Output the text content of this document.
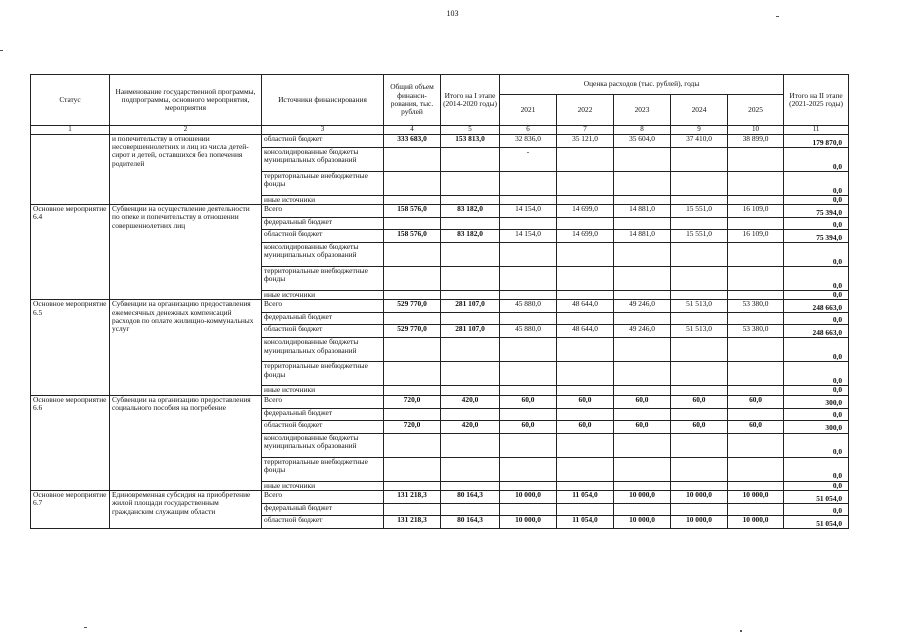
103
Статус	Наименование государственной программы, подпрограммы, основного мероприятия, мероприятия	Источники финансирования	Общий объем финанси-рования, тыс. рублей	Итого на I этапе (2014-2020 годы)	Оценка расходов (тыс. рублей), годы					Итого на II этапе (2021-2025 годы)
					2021	2022	2023	2024	2025	
1	2	3	4	5	6	7	8	9	10	11
	и попечительству в отношении несовершеннолетних и лиц из числа детей-сирот и детей, оставшихся без попечения родителей	областной бюджет	333 683,0	153 813,0	32 836,0	35 121,0	35 604,0	37 410,0	38 899,0	179 870,0
		консолидированные бюджеты муниципальных образований			-					0,0
		территориальные внебюджетные фонды								0,0
		иные источники								0,0
Основное мероприятие 6.4	Субвенции на осуществление деятельности по опеке и попечительству в отношении совершеннолетних лиц	Всего	158 576,0	83 182,0	14 154,0	14 699,0	14 881,0	15 551,0	16 109,0	75 394,0
		федеральный бюджет								0,0
		областной бюджет	158 576,0	83 182,0	14 154,0	14 699,0	14 881,0	15 551,0	16 109,0	75 394,0
		консолидированные бюджеты муниципальных образований								0,0
		территориальные внебюджетные фонды								0,0
		иные источники								0,0
Основное мероприятие 6.5	Субвенции на организацию предоставления ежемесячных денежных компенсаций расходов по оплате жилищно-коммунальных услуг	Всего	529 770,0	281 107,0	45 880,0	48 644,0	49 246,0	51 513,0	53 380,0	248 663,0
		федеральный бюджет								0,0
		областной бюджет	529 770,0	281 107,0	45 880,0	48 644,0	49 246,0	51 513,0	53 380,0	248 663,0
		консолидированные бюджеты муниципальных образований								0,0
		территориальные внебюджетные фонды								0,0
		иные источники								0,0
Основное мероприятие 6.6	Субвенции на организацию предоставления социального пособия на погребение	Всего	720,0	420,0	60,0	60,0	60,0	60,0	60,0	300,0
		федеральный бюджет								0,0
		областной бюджет	720,0	420,0	60,0	60,0	60,0	60,0	60,0	300,0
		консолидированные бюджеты муниципальных образований								0,0
		территориальные внебюджетные фонды								0,0
		иные источники								0,0
Основное мероприятие 6.7	Единовременная субсидия на приобретение жилой площади государственным гражданским служащим области	Всего	131 218,3	80 164,3	10 000,0	11 054,0	10 000,0	10 000,0	10 000,0	51 054,0
		федеральный бюджет								0,0
		областной бюджет	131 218,3	80 164,3	10 000,0	11 054,0	10 000,0	10 000,0	10 000,0	51 054,0
